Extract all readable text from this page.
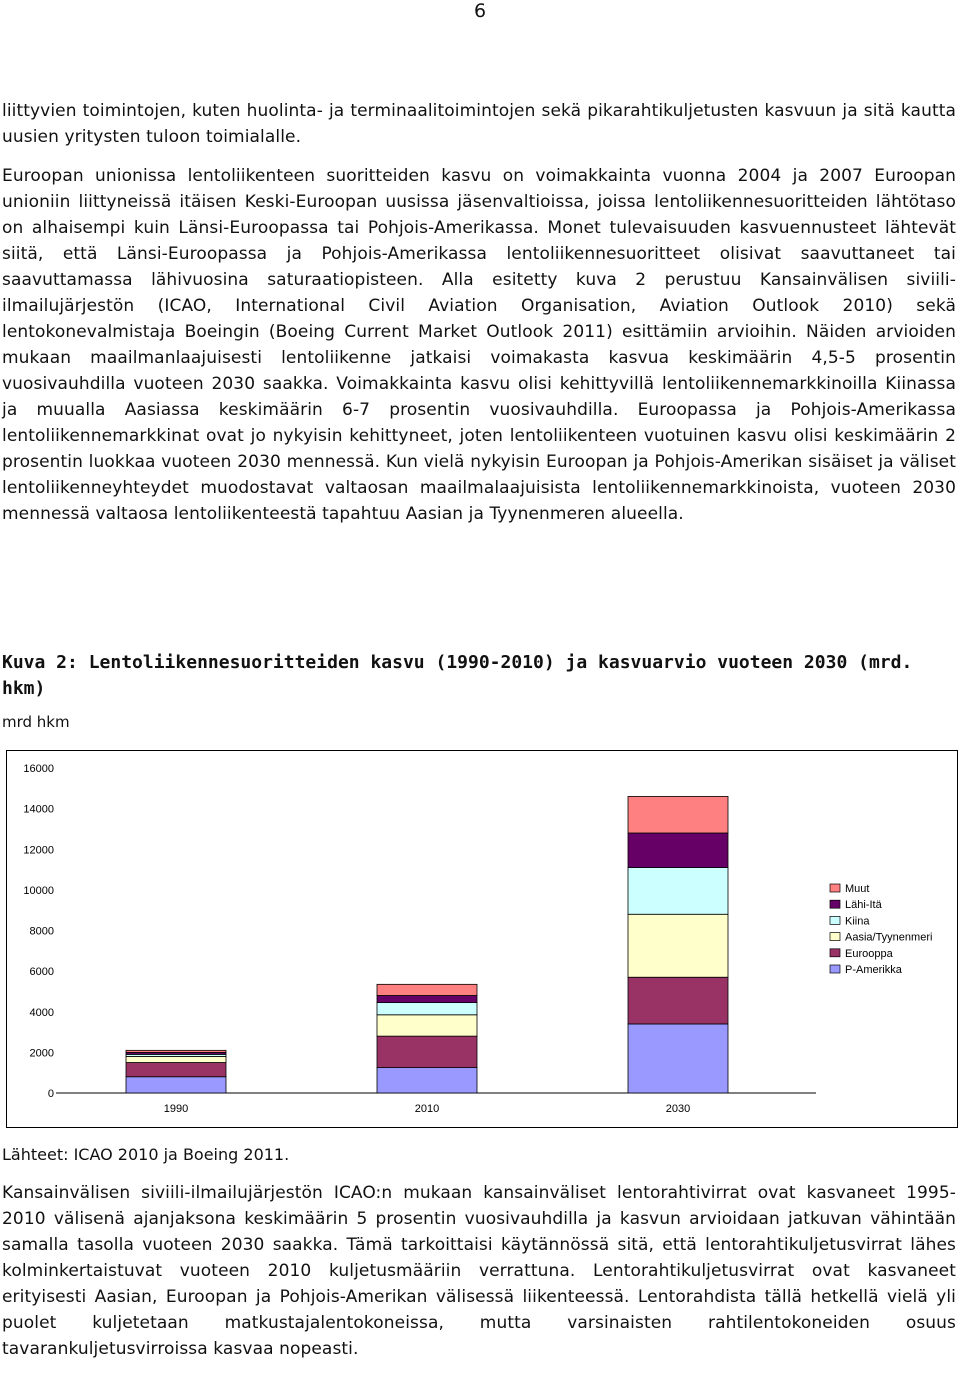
6

liittyvien toimintojen, kuten huolinta- ja terminaalitoimintojen sekä pikarahtikuljetusten kasvuun ja sitä kautta uusien yritysten tuloon toimialalle.

Euroopan unionissa lentoliikenteen suoritteiden kasvu on voimakkainta vuonna 2004 ja 2007 Euroopan unioniin liittyneissä itäisen Keski-Euroopan uusissa jäsenvaltioissa, joissa lentoliikennesuoritteiden lähtötaso on alhaisempi kuin Länsi-Euroopassa tai Pohjois-Amerikassa. Monet tulevaisuuden kasvuennusteet lähtevät siitä, että Länsi-Euroopassa ja Pohjois-Amerikassa lentoliikennesuoritteet olisivat saavuttaneet tai saavuttamassa lähivuosina saturaatiopisteen. Alla esitetty kuva 2 perustuu Kansainvälisen siviili-ilmailujärjestön (ICAO, International Civil Aviation Organisation, Aviation Outlook 2010) sekä lentokonevalmistaja Boeingin (Boeing Current Market Outlook 2011) esittämiin arvioihin. Näiden arvioiden mukaan maailmanlaajuisesti lentoliikenne jatkaisi voimakasta kasvua keskimäärin 4,5-5 prosentin vuosivauhdilla vuoteen 2030 saakka. Voimakkainta kasvu olisi kehittyvillä lentoliikennemarkkinoilla Kiinassa ja muualla Aasiassa keskimäärin 6-7 prosentin vuosivauhdilla. Euroopassa ja Pohjois-Amerikassa lentoliikennemarkkinat ovat jo nykyisin kehittyneet, joten lentoliikenteen vuotuinen kasvu olisi keskimäärin 2 prosentin luokkaa vuoteen 2030 mennessä. Kun vielä nykyisin Euroopan ja Pohjois-Amerikan sisäiset ja väliset lentoliikenneyhteydet muodostavat valtaosan maailmalaajuisista lentoliikennemarkkinoista, vuoteen 2030 mennessä valtaosa lentoliikenteestä tapahtuu Aasian ja Tyynenmeren alueella.

Kuva 2: Lentoliikennesuoritteiden kasvu (1990-2010) ja kasvuarvio vuoteen 2030 (mrd. hkm)

mrd hkm
0
2000
4000
6000
8000
10000
12000
14000
16000
1990	2010	2030
Muut
Lähi-Itä
Kiina
Aasia/Tyynenmeri
Eurooppa
P-Amerikka
Lähteet: ICAO 2010 ja Boeing 2011.

Kansainvälisen siviili-ilmailujärjestön ICAO:n mukaan kansainväliset lentorahtivirrat ovat kasvaneet 1995-2010 välisenä ajanjaksona keskimäärin 5 prosentin vuosivauhdilla ja kasvun arvioidaan jatkuvan vähintään samalla tasolla vuoteen 2030 saakka. Tämä tarkoittaisi käytännössä sitä, että lentorahtikuljetusvirrat lähes kolminkertaistuvat vuoteen 2010 kuljetusmääriin verrattuna. Lentorahtikuljetusvirrat ovat kasvaneet erityisesti Aasian, Euroopan ja Pohjois-Amerikan välisessä liikenteessä. Lentorahdista tällä hetkellä vielä yli puolet kuljetetaan matkustajalentokoneissa, mutta varsinaisten rahtilentokoneiden osuus tavarankuljetusvirroissa kasvaa nopeasti.
